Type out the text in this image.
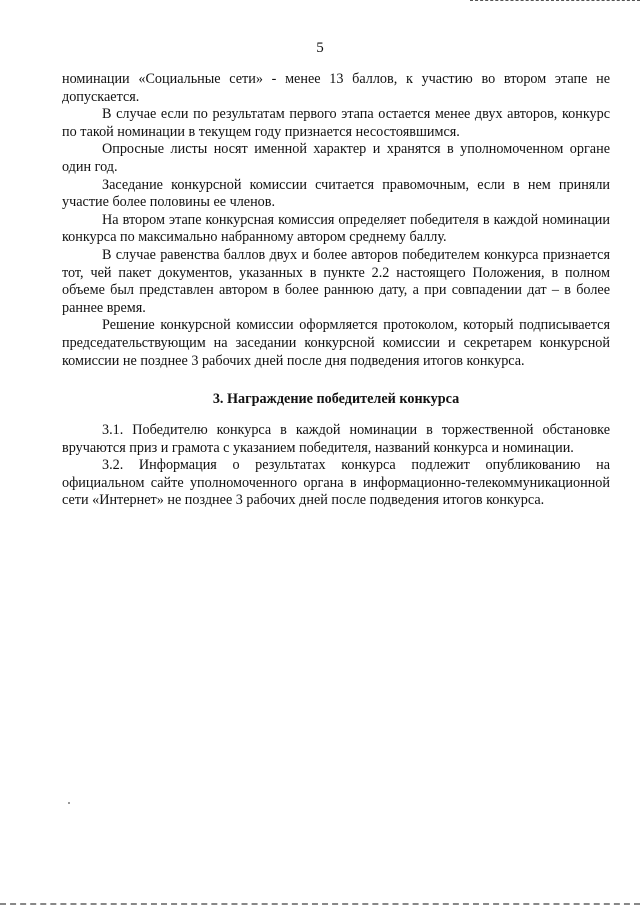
5

номинации «Социальные сети» - менее 13 баллов, к участию во втором этапе не допускается.

В случае если по результатам первого этапа остается менее двух авторов, конкурс по такой номинации в текущем году признается несостоявшимся.

Опросные листы носят именной характер и хранятся в уполномоченном органе один год.

Заседание конкурсной комиссии считается правомочным, если в нем приняли участие более половины ее членов.

На втором этапе конкурсная комиссия определяет победителя в каждой номинации конкурса по максимально набранному автором среднему баллу.

В случае равенства баллов двух и более авторов победителем конкурса признается тот, чей пакет документов, указанных в пункте 2.2 настоящего Положения, в полном объеме был представлен автором в более раннюю дату, а при совпадении дат – в более раннее время.

Решение конкурсной комиссии оформляется протоколом, который подписывается председательствующим на заседании конкурсной комиссии и секретарем конкурсной комиссии не позднее 3 рабочих дней после дня подведения итогов конкурса.

3. Награждение победителей конкурса

3.1. Победителю конкурса в каждой номинации в торжественной обстановке вручаются приз и грамота с указанием победителя, названий конкурса и номинации.

3.2. Информация о результатах конкурса подлежит опубликованию на официальном сайте уполномоченного органа в информационно-телекоммуникационной сети «Интернет» не позднее 3 рабочих дней после подведения итогов конкурса.
